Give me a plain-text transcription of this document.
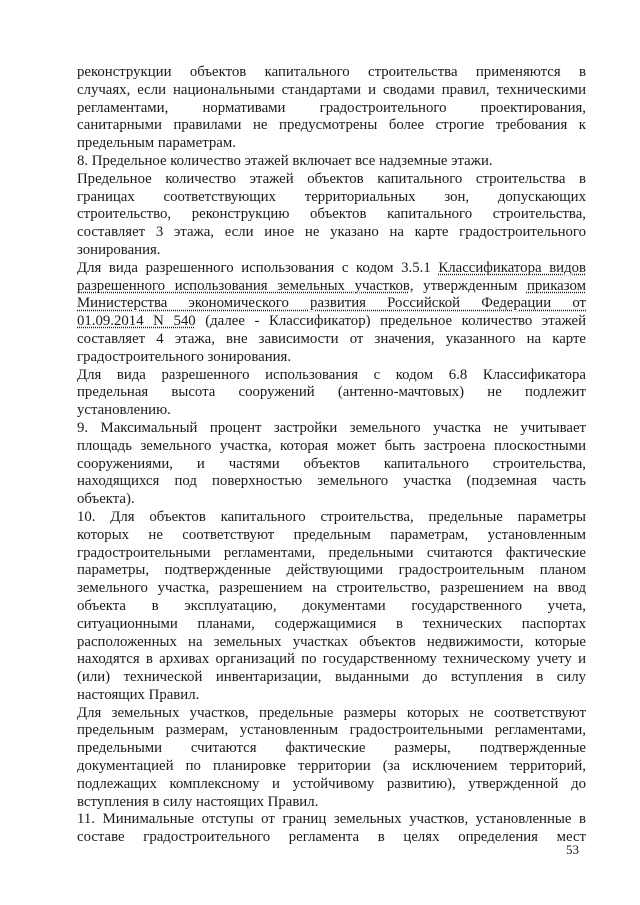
реконструкции объектов капитального строительства применяются в
случаях, если национальными стандартами и сводами правил, техническими
регламентами, нормативами градостроительного проектирования,
санитарными правилами не предусмотрены более строгие требования к
предельным параметрам.
8. Предельное количество этажей включает все надземные этажи.
Предельное количество этажей объектов капитального строительства в
границах соответствующих территориальных зон, допускающих
строительство, реконструкцию объектов капитального строительства,
составляет 3 этажа, если иное не указано на карте градостроительного
зонирования.
Для вида разрешенного использования с кодом 3.5.1 Классификатора видов
разрешенного использования земельных участков, утвержденным приказом
Министерства экономического развития Российской Федерации от
01.09.2014 N 540 (далее - Классификатор) предельное количество этажей
составляет 4 этажа, вне зависимости от значения, указанного на карте
градостроительного зонирования.
Для вида разрешенного использования с кодом 6.8 Классификатора
предельная высота сооружений (антенно-мачтовых) не подлежит
установлению.
9. Максимальный процент застройки земельного участка не учитывает
площадь земельного участка, которая может быть застроена плоскостными
сооружениями, и частями объектов капитального строительства,
находящихся под поверхностью земельного участка (подземная часть
объекта).
10. Для объектов капитального строительства, предельные параметры
которых не соответствуют предельным параметрам, установленным
градостроительными регламентами, предельными считаются фактические
параметры, подтвержденные действующими градостроительным планом
земельного участка, разрешением на строительство, разрешением на ввод
объекта в эксплуатацию, документами государственного учета,
ситуационными планами, содержащимися в технических паспортах
расположенных на земельных участках объектов недвижимости, которые
находятся в архивах организаций по государственному техническому учету и
(или) технической инвентаризации, выданными до вступления в силу
настоящих Правил.
Для земельных участков, предельные размеры которых не соответствуют
предельным размерам, установленным градостроительными регламентами,
предельными считаются фактические размеры, подтвержденные
документацией по планировке территории (за исключением территорий,
подлежащих комплексному и устойчивому развитию), утвержденной до
вступления в силу настоящих Правил.
11. Минимальные отступы от границ земельных участков, установленные в
составе градостроительного регламента в целях определения мест
53
